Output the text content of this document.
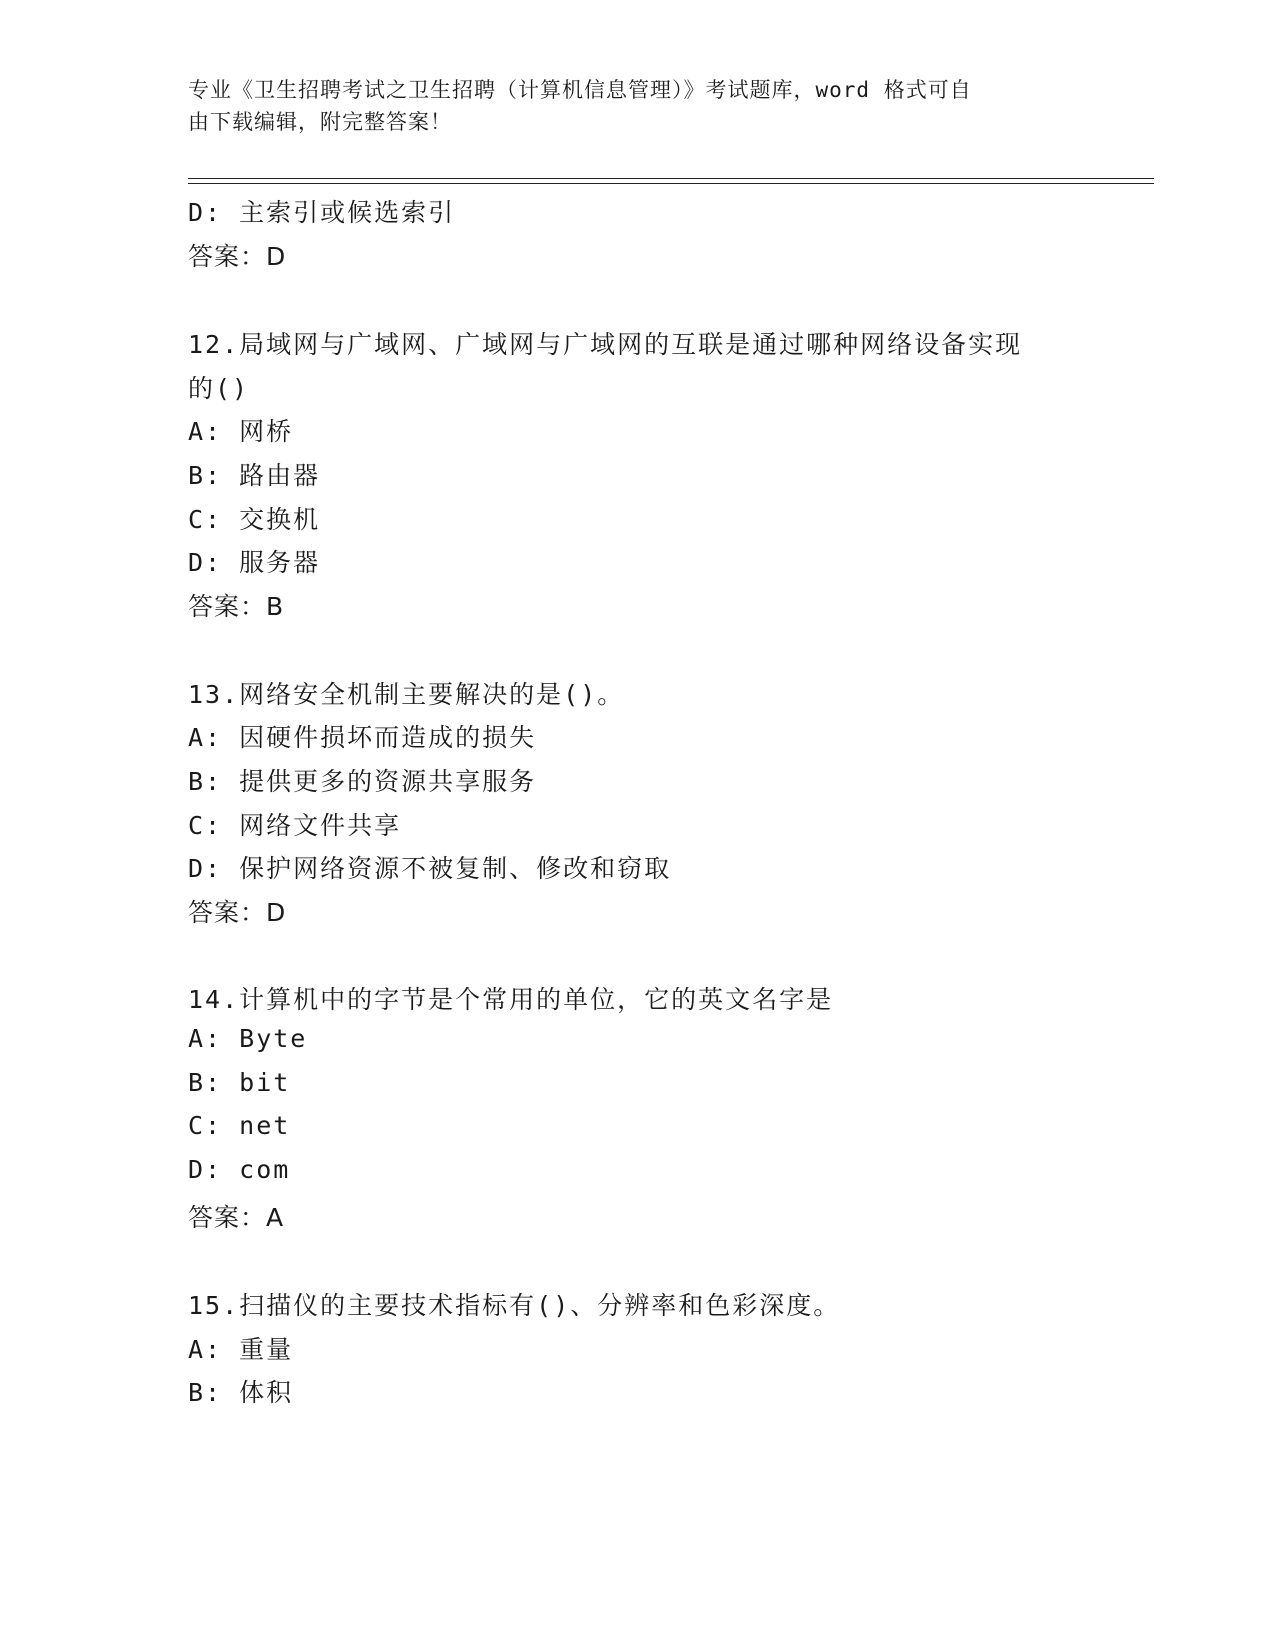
专业《卫生招聘考试之卫生招聘（计算机信息管理）》考试题库，word 格式可自
由下载编辑，附完整答案！
D: 主索引或候选索引
答案：D
12.局域网与广域网、广域网与广域网的互联是通过哪种网络设备实现
的()
A: 网桥
B: 路由器
C: 交换机
D: 服务器
答案：B
13.网络安全机制主要解决的是()。
A: 因硬件损坏而造成的损失
B: 提供更多的资源共享服务
C: 网络文件共享
D: 保护网络资源不被复制、修改和窃取
答案：D
14.计算机中的字节是个常用的单位，它的英文名字是
A: Byte
B: bit
C: net
D: com
答案：A
15.扫描仪的主要技术指标有()、分辨率和色彩深度。
A: 重量
B: 体积
